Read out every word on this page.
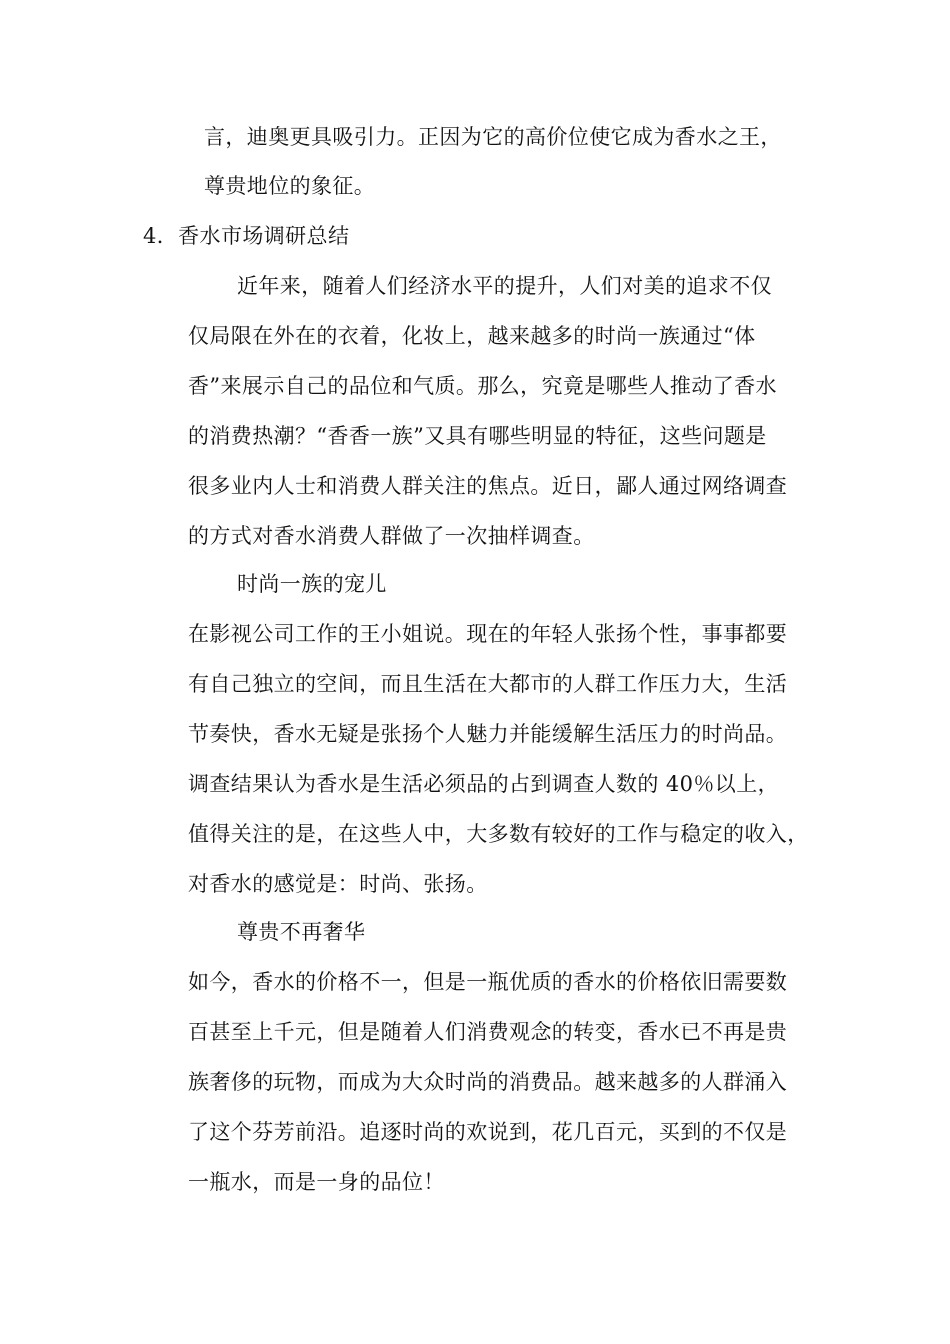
言，迪奥更具吸引力。正因为它的高价位使它成为香水之王，
尊贵地位的象征。
4．香水市场调研总结
近年来，随着人们经济水平的提升，人们对美的追求不仅
仅局限在外在的衣着，化妆上，越来越多的时尚一族通过“体
香”来展示自己的品位和气质。那么，究竟是哪些人推动了香水
的消费热潮？“香香一族”又具有哪些明显的特征，这些问题是
很多业内人士和消费人群关注的焦点。近日，鄙人通过网络调查
的方式对香水消费人群做了一次抽样调查。
时尚一族的宠儿
在影视公司工作的王小姐说。现在的年轻人张扬个性，事事都要
有自己独立的空间，而且生活在大都市的人群工作压力大，生活
节奏快，香水无疑是张扬个人魅力并能缓解生活压力的时尚品。
调查结果认为香水是生活必须品的占到调查人数的 40％以上，
值得关注的是，在这些人中，大多数有较好的工作与稳定的收入，
对香水的感觉是：时尚、张扬。
尊贵不再奢华
如今，香水的价格不一，但是一瓶优质的香水的价格依旧需要数
百甚至上千元，但是随着人们消费观念的转变，香水已不再是贵
族奢侈的玩物，而成为大众时尚的消费品。越来越多的人群涌入
了这个芬芳前沿。追逐时尚的欢说到，花几百元，买到的不仅是
一瓶水，而是一身的品位！
